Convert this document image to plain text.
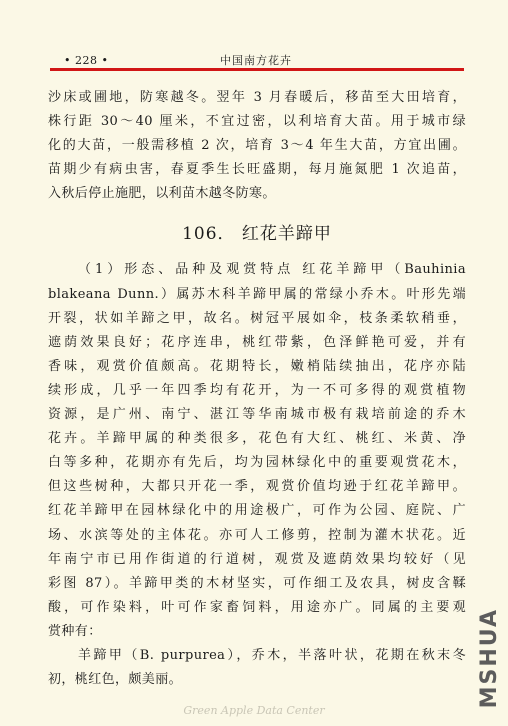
• 228 •	中国南方花卉
沙床或圃地，防寒越冬。翌年 3 月春暖后，移苗至大田培育，
株行距 30～40 厘米，不宜过密，以利培育大苗。用于城市绿
化的大苗，一般需移植 2 次，培育 3～4 年生大苗，方宜出圃。
苗期少有病虫害，春夏季生长旺盛期，每月施氮肥 1 次追苗，
入秋后停止施肥，以利苗木越冬防寒。
106． 红花羊蹄甲
（1）形态、品种及观赏特点 红花羊蹄甲（Bauhinia
blakeana Dunn.）属苏木科羊蹄甲属的常绿小乔木。叶形先端
开裂，状如羊蹄之甲，故名。树冠平展如伞，枝条柔软稍垂，
遮荫效果良好；花序连串，桃红带紫，色泽鲜艳可爱，并有
香味，观赏价值颇高。花期特长，嫩梢陆续抽出，花序亦陆
续形成，几乎一年四季均有花开，为一不可多得的观赏植物
资源，是广州、南宁、湛江等华南城市极有栽培前途的乔木
花卉。羊蹄甲属的种类很多，花色有大红、桃红、米黄、净
白等多种，花期亦有先后，均为园林绿化中的重要观赏花木，
但这些树种，大都只开花一季，观赏价值均逊于红花羊蹄甲。
红花羊蹄甲在园林绿化中的用途极广，可作为公园、庭院、广
场、水滨等处的主体花。亦可人工修剪，控制为灌木状花。近
年南宁市已用作街道的行道树，观赏及遮荫效果均较好（见
彩图 87）。羊蹄甲类的木材坚实，可作细工及农具，树皮含鞣
酸，可作染料，叶可作家畜饲料，用途亦广。同属的主要观
赏种有：
羊蹄甲（B. purpurea），乔木，半落叶状，花期在秋末冬
初，桃红色，颇美丽。	MSHUA
Green Apple Data Center
